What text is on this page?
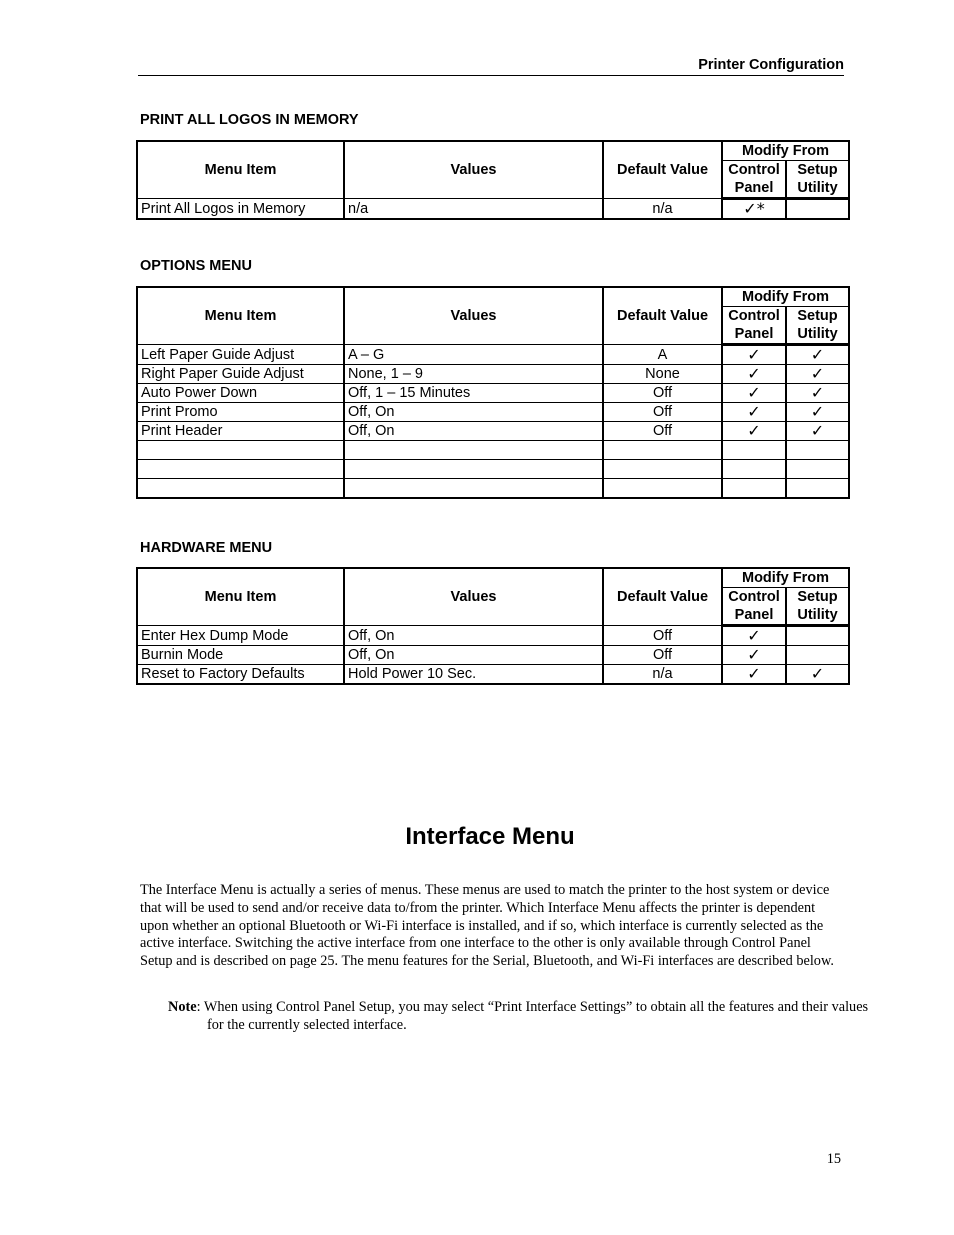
Printer Configuration
PRINT ALL LOGOS IN MEMORY
Menu Item	Values	Default Value	Modify From	
			Control	Setup
			Panel	Utility
Print All Logos in Memory	n/a	n/a	✓*	
OPTIONS MENU
Menu Item	Values	Default Value	Modify From	
			Control	Setup
			Panel	Utility
Left Paper Guide Adjust	A – G	A	✓	✓
Right Paper Guide Adjust	None, 1 – 9	None	✓	✓
Auto Power Down	Off, 1 – 15 Minutes	Off	✓	✓
Print Promo	Off, On	Off	✓	✓
Print Header	Off, On	Off	✓	✓

HARDWARE MENU
Menu Item	Values	Default Value	Modify From	
			Control	Setup
			Panel	Utility
Enter Hex Dump Mode	Off, On	Off	✓	
Burnin Mode	Off, On	Off	✓	
Reset to Factory Defaults	Hold Power 10 Sec.	n/a	✓	✓
Interface Menu
The Interface Menu is actually a series of menus. These menus are used to match the printer to the host system or device that will be used to send and/or receive data to/from the printer. Which Interface Menu affects the printer is dependent upon whether an optional Bluetooth or Wi-Fi interface is installed, and if so, which interface is currently selected as the active interface. Switching the active interface from one interface to the other is only available through Control Panel Setup and is described on page 25. The menu features for the Serial, Bluetooth, and Wi-Fi interfaces are described below.
Note: When using Control Panel Setup, you may select “Print Interface Settings” to obtain all the features and their values for the currently selected interface.
15
